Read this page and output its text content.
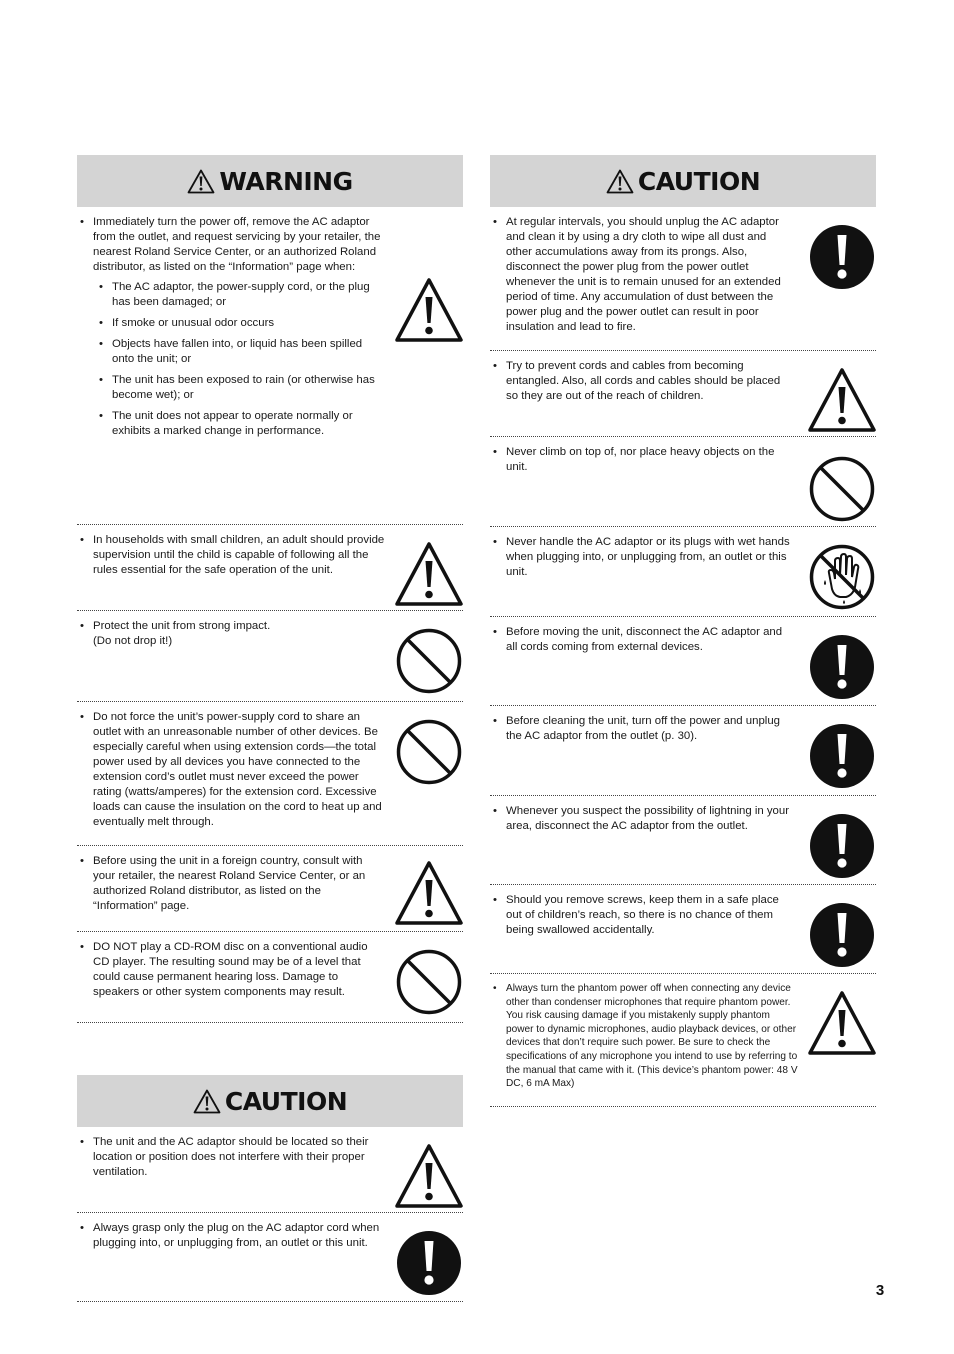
WARNING

• Immediately turn the power off, remove the AC adaptor from the outlet, and request servicing by your retailer, the nearest Roland Service Center, or an authorized Roland distributor, as listed on the “Information” page when:

• The AC adaptor, the power-supply cord, or the plug has been damaged; or
• If smoke or unusual odor occurs
• Objects have fallen into, or liquid has been spilled onto the unit; or
• The unit has been exposed to rain (or otherwise has become wet); or
• The unit does not appear to operate normally or exhibits a marked change in performance.

• In households with small children, an adult should provide supervision until the child is capable of following all the rules essential for the safe operation of the unit.

• Protect the unit from strong impact.
(Do not drop it!)

• Do not force the unit’s power-supply cord to share an outlet with an unreasonable number of other devices. Be especially careful when using extension cords—the total power used by all devices you have connected to the extension cord’s outlet must never exceed the power rating (watts/amperes) for the extension cord. Excessive loads can cause the insulation on the cord to heat up and eventually melt through.

• Before using the unit in a foreign country, consult with your retailer, the nearest Roland Service Center, or an authorized Roland distributor, as listed on the “Information” page.

• DO NOT play a CD-ROM disc on a conventional audio CD player. The resulting sound may be of a level that could cause permanent hearing loss. Damage to speakers or other system components may result.

CAUTION

• The unit and the AC adaptor should be located so their location or position does not interfere with their proper ventilation.

• Always grasp only the plug on the AC adaptor cord when plugging into, or unplugging from, an outlet or this unit.

CAUTION

• At regular intervals, you should unplug the AC adaptor and clean it by using a dry cloth to wipe all dust and other accumulations away from its prongs. Also, disconnect the power plug from the power outlet whenever the unit is to remain unused for an extended period of time. Any accumulation of dust between the power plug and the power outlet can result in poor insulation and lead to fire.

• Try to prevent cords and cables from becoming entangled. Also, all cords and cables should be placed so they are out of the reach of children.

• Never climb on top of, nor place heavy objects on the unit.

• Never handle the AC adaptor or its plugs with wet hands when plugging into, or unplugging from, an outlet or this unit.

• Before moving the unit, disconnect the AC adaptor and all cords coming from external devices.

• Before cleaning the unit, turn off the power and unplug the AC adaptor from the outlet (p. 30).

• Whenever you suspect the possibility of lightning in your area, disconnect the AC adaptor from the outlet.

• Should you remove screws, keep them in a safe place out of children’s reach, so there is no chance of them being swallowed accidentally.

• Always turn the phantom power off when connecting any device other than condenser microphones that require phantom power. You risk causing damage if you mistakenly supply phantom power to dynamic microphones, audio playback devices, or other devices that don’t require such power. Be sure to check the specifications of any microphone you intend to use by referring to the manual that came with it. (This device’s phantom power: 48 V DC, 6 mA Max)

3
